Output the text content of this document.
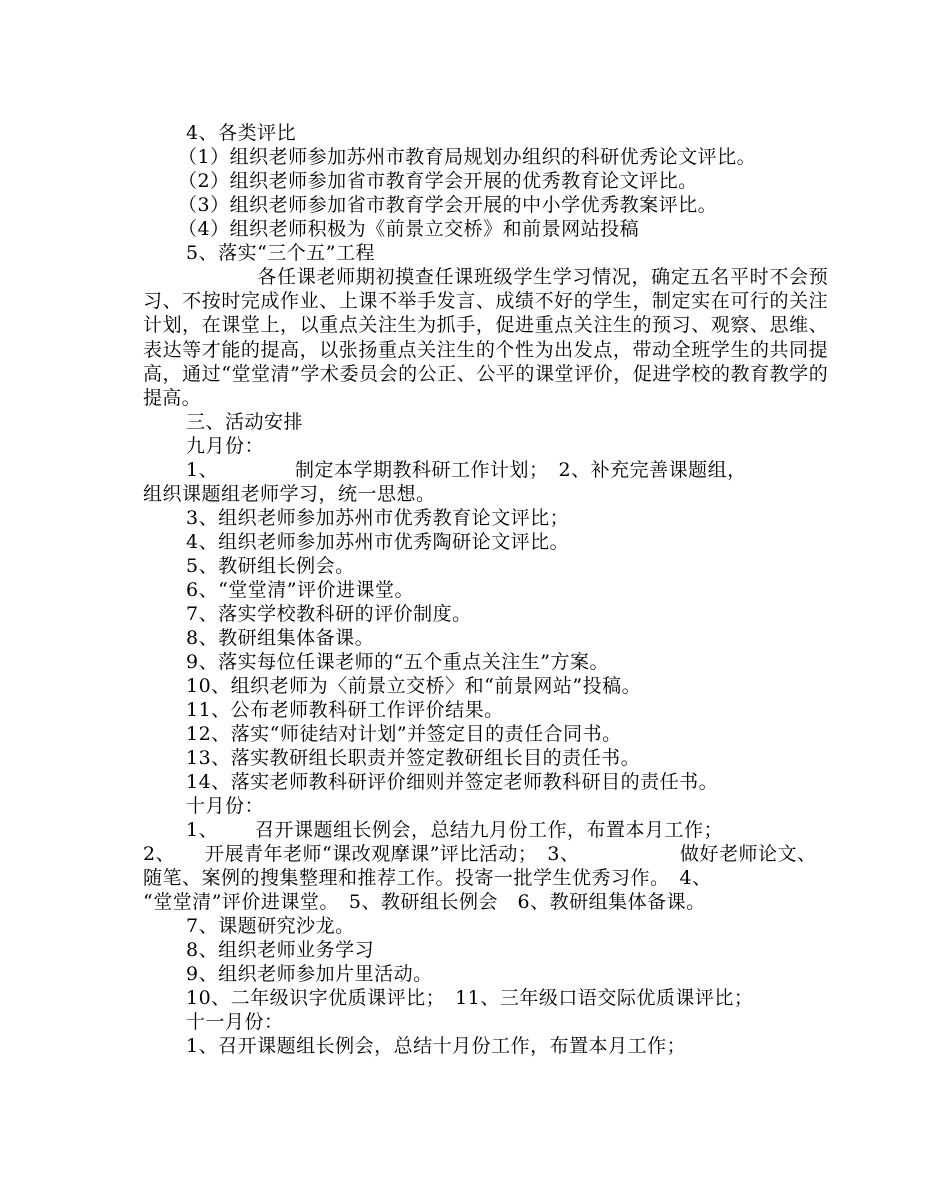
4、各类评比
（1）组织老师参加苏州市教育局规划办组织的科研优秀论文评比。
（2）组织老师参加省市教育学会开展的优秀教育论文评比。
（3）组织老师参加省市教育学会开展的中小学优秀教案评比。
（4）组织老师积极为《前景立交桥》和前景网站投稿
5、落实“三个五”工程
各任课老师期初摸查任课班级学生学习情况，确定五名平时不会预习、不按时完成作业、上课不举手发言、成绩不好的学生，制定实在可行的关注计划，在课堂上，以重点关注生为抓手，促进重点关注生的预习、观察、思维、表达等才能的提高，以张扬重点关注生的个性为出发点，带动全班学生的共同提高，通过“堂堂清”学术委员会的公正、公平的课堂评价，促进学校的教育教学的提高。
三、活动安排
九月份：
1、	制定本学期教科研工作计划；　2、补充完善课题组，
组织课题组老师学习，统一思想。
3、组织老师参加苏州市优秀教育论文评比；
4、组织老师参加苏州市优秀陶研论文评比。
5、教研组长例会。
6、“堂堂清”评价进课堂。
7、落实学校教科研的评价制度。
8、教研组集体备课。
9、落实每位任课老师的“五个重点关注生”方案。
10、组织老师为〈前景立交桥〉和“前景网站”投稿。
11、公布老师教科研工作评价结果。
12、落实“师徒结对计划”并签定目的责任合同书。
13、落实教研组长职责并签定教研组长目的责任书。
14、落实老师教科研评价细则并签定老师教科研目的责任书。
十月份：
1、 召开课题组长例会，总结九月份工作，布置本月工作；
2、 开展青年老师“课改观摩课”评比活动；　3、	做好老师论文、
随笔、案例的搜集整理和推荐工作。投寄一批学生优秀习作。　4、
“堂堂清”评价进课堂。　5、教研组长例会　6、教研组集体备课。
7、课题研究沙龙。
8、组织老师业务学习
9、组织老师参加片里活动。
10、二年级识字优质课评比；　11、三年级口语交际优质课评比；
十一月份：
1、召开课题组长例会，总结十月份工作，布置本月工作；
